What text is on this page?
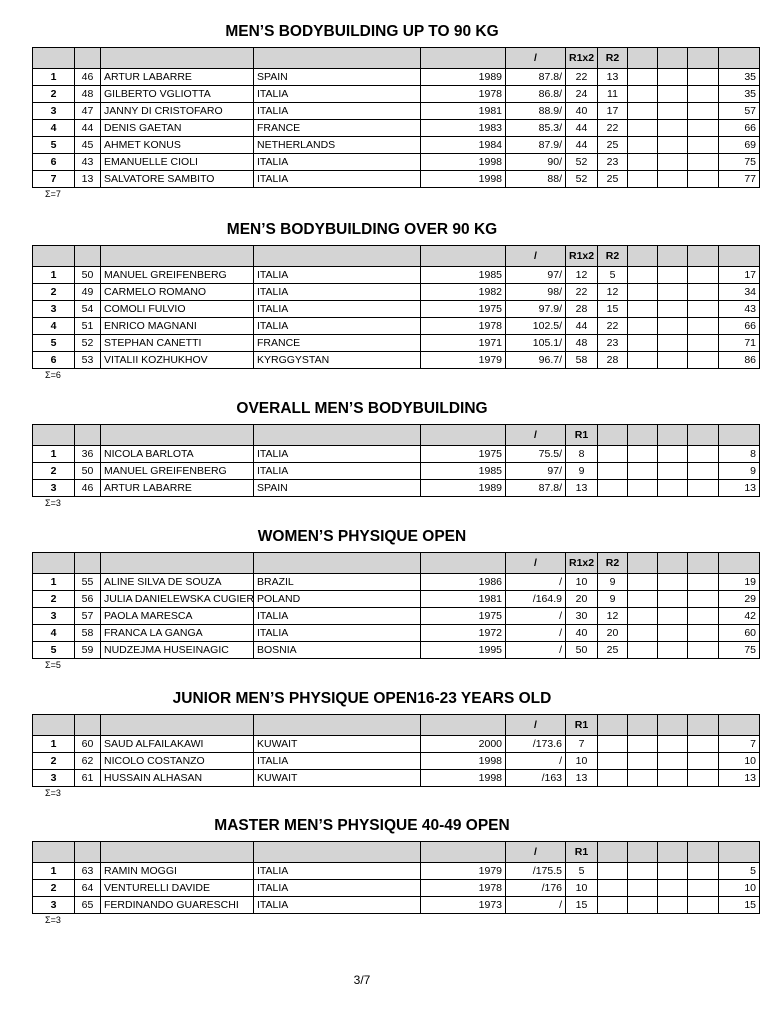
MEN’S BODYBUILDING UP TO 90 KG
					/	R1x2	R2				
1	46	ARTUR LABARRE	SPAIN	1989	87.8/	22	13				35
2	48	GILBERTO VGLIOTTA	ITALIA	1978	86.8/	24	11				35
3	47	JANNY DI CRISTOFARO	ITALIA	1981	88.9/	40	17				57
4	44	DENIS GAETAN	FRANCE	1983	85.3/	44	22				66
5	45	AHMET KONUS	NETHERLANDS	1984	87.9/	44	25				69
6	43	EMANUELLE CIOLI	ITALIA	1998	90/	52	23				75
7	13	SALVATORE SAMBITO	ITALIA	1998	88/	52	25				77
Σ=7
MEN’S BODYBUILDING OVER 90 KG
					/	R1x2	R2				
1	50	MANUEL GREIFENBERG	ITALIA	1985	97/	12	5				17
2	49	CARMELO ROMANO	ITALIA	1982	98/	22	12				34
3	54	COMOLI FULVIO	ITALIA	1975	97.9/	28	15				43
4	51	ENRICO MAGNANI	ITALIA	1978	102.5/	44	22				66
5	52	STEPHAN CANETTI	FRANCE	1971	105.1/	48	23				71
6	53	VITALII KOZHUKHOV	KYRGGYSTAN	1979	96.7/	58	28				86
Σ=6
OVERALL MEN’S BODYBUILDING
					/	R1					
1	36	NICOLA BARLOTA	ITALIA	1975	75.5/	8					8
2	50	MANUEL GREIFENBERG	ITALIA	1985	97/	9					9
3	46	ARTUR LABARRE	SPAIN	1989	87.8/	13					13
Σ=3
WOMEN’S PHYSIQUE OPEN
					/	R1x2	R2				
1	55	ALINE SILVA DE SOUZA	BRAZIL	1986	/	10	9				19
2	56	JULIA DANIELEWSKA CUGIER	POLAND	1981	/164.9	20	9				29
3	57	PAOLA MARESCA	ITALIA	1975	/	30	12				42
4	58	FRANCA LA GANGA	ITALIA	1972	/	40	20				60
5	59	NUDZEJMA HUSEINAGIC	BOSNIA	1995	/	50	25				75
Σ=5
JUNIOR MEN’S PHYSIQUE OPEN16-23 YEARS OLD
					/	R1					
1	60	SAUD ALFAILAKAWI	KUWAIT	2000	/173.6	7					7
2	62	NICOLO COSTANZO	ITALIA	1998	/	10					10
3	61	HUSSAIN ALHASAN	KUWAIT	1998	/163	13					13
Σ=3
MASTER MEN’S PHYSIQUE 40-49 OPEN
					/	R1					
1	63	RAMIN MOGGI	ITALIA	1979	/175.5	5					5
2	64	VENTURELLI DAVIDE	ITALIA	1978	/176	10					10
3	65	FERDINANDO GUARESCHI	ITALIA	1973	/	15					15
Σ=3
3/7
